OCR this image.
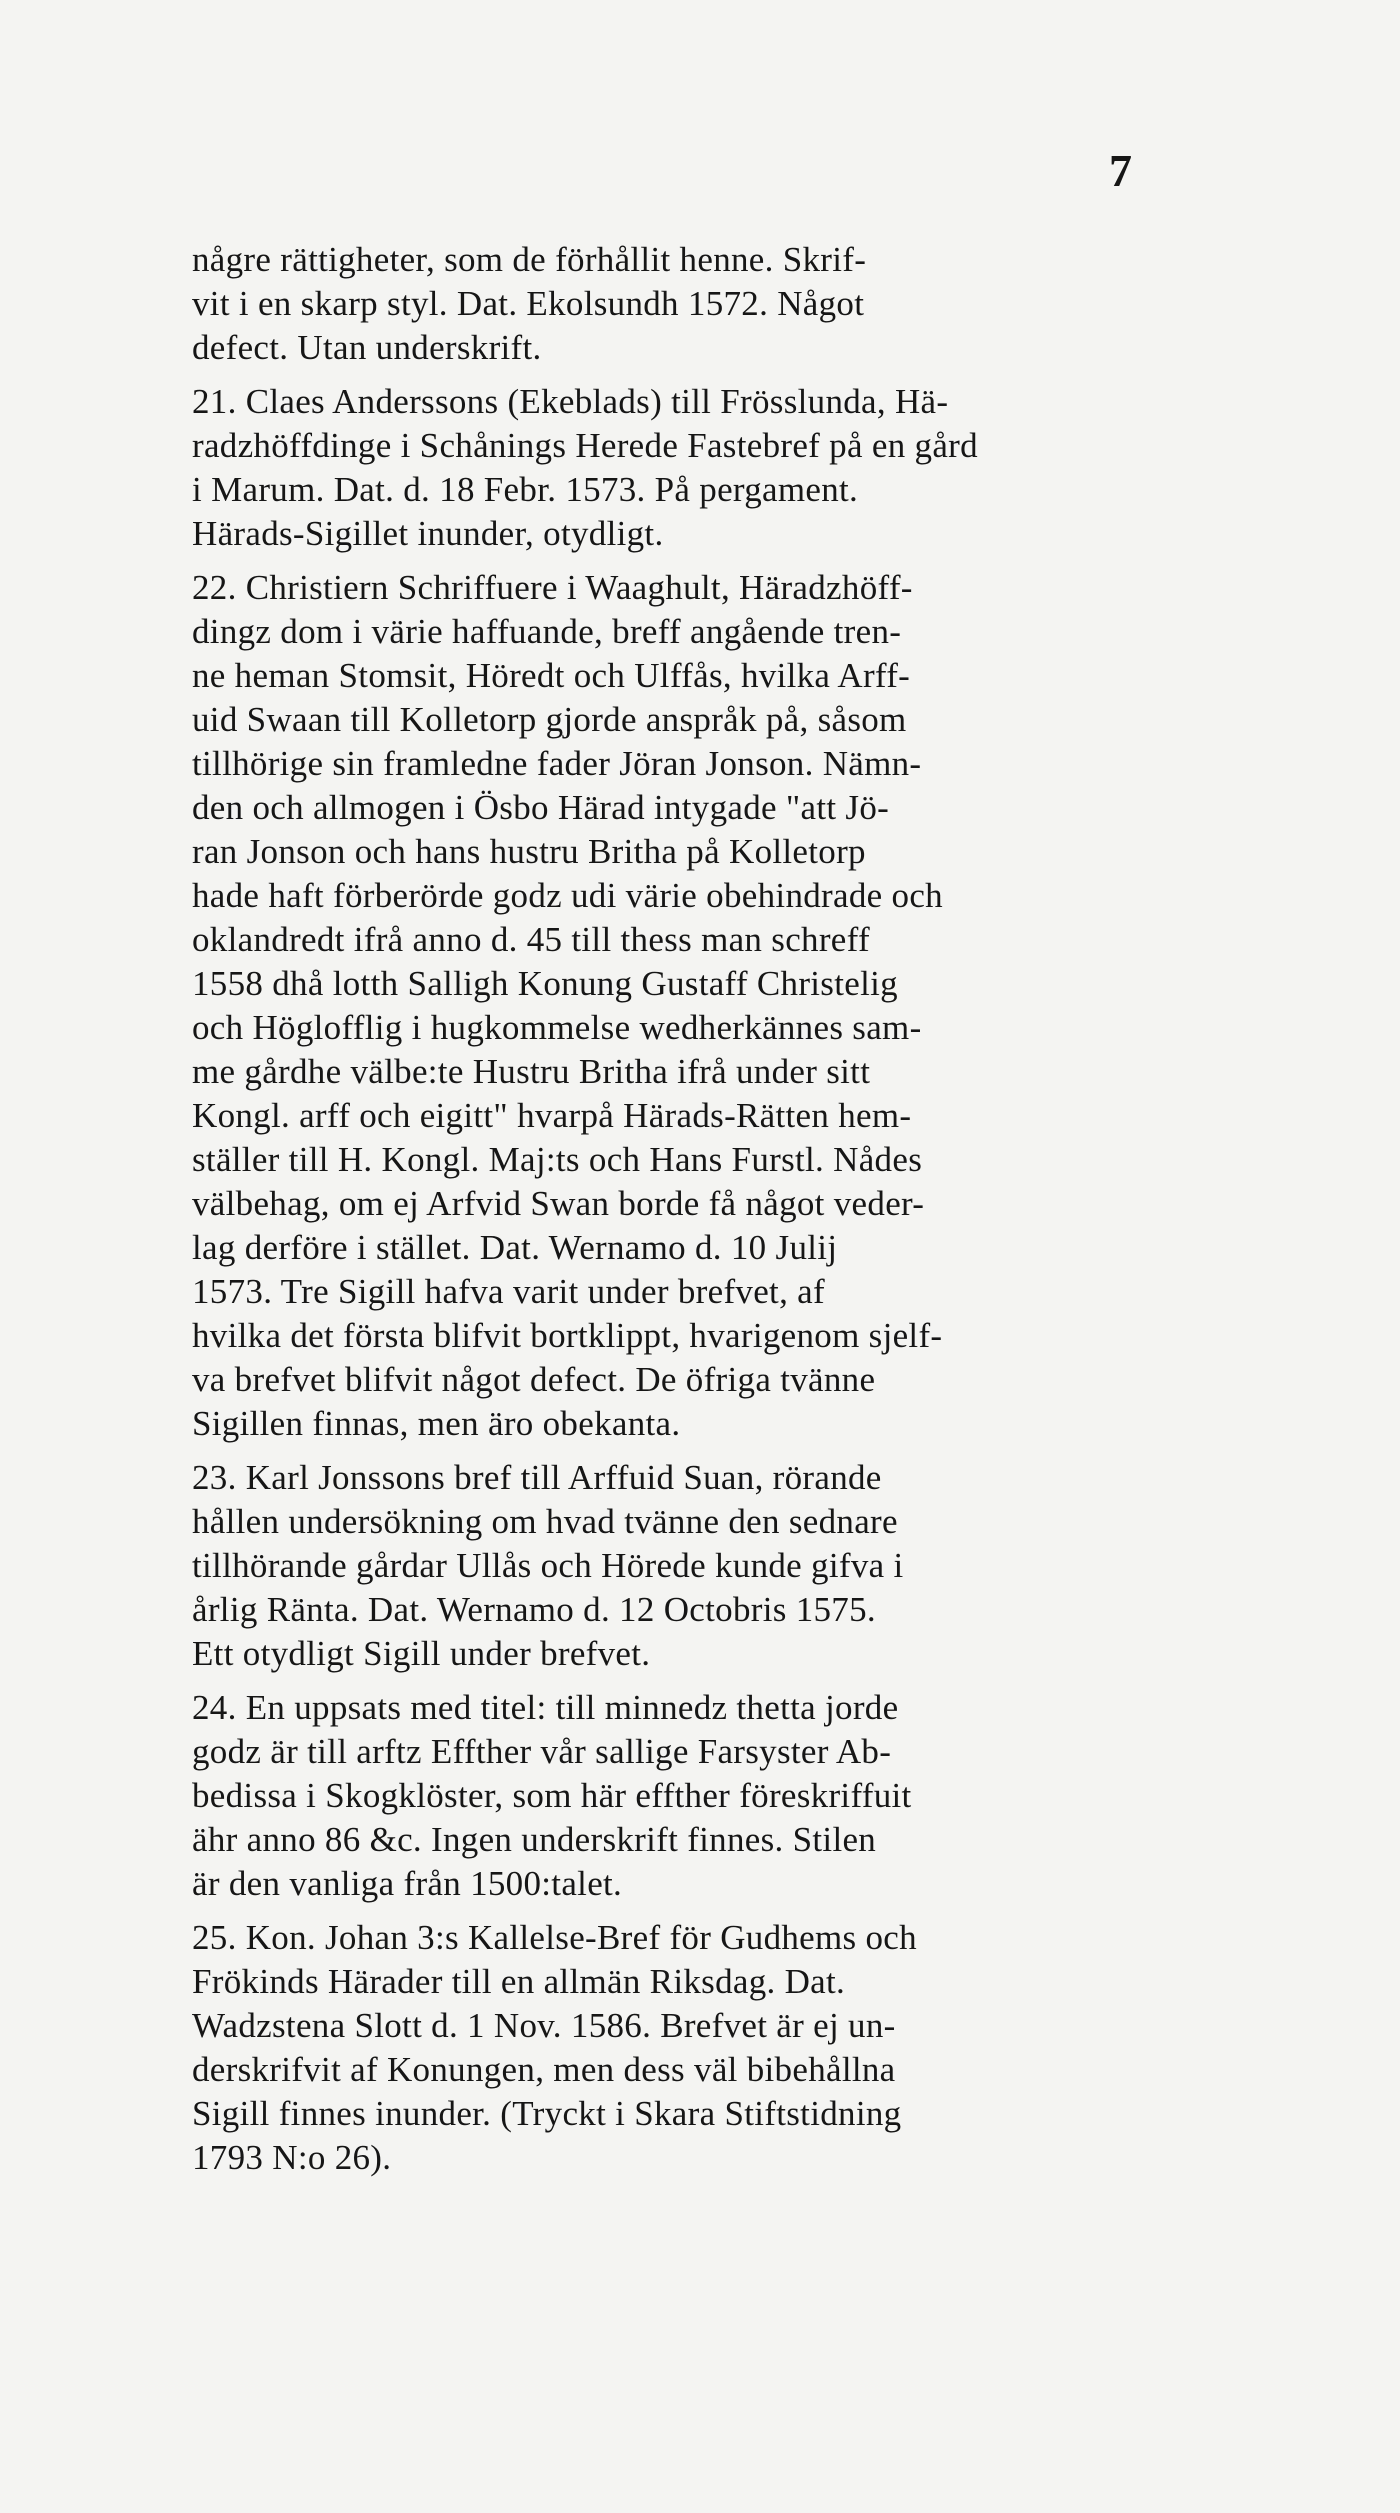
7
någre rättigheter, som de förhållit henne. Skrif-
vit i en skarp styl. Dat. Ekolsundh 1572. Något
defect. Utan underskrift.
21. Claes Anderssons (Ekeblads) till Frösslunda, Hä-
radzhöffdinge i Schånings Herede Fastebref på en gård
i Marum. Dat. d. 18 Febr. 1573. På pergament.
Härads-Sigillet inunder, otydligt.
22. Christiern Schriffuere i Waaghult, Häradzhöff-
dingz dom i värie haffuande, breff angående tren-
ne heman Stomsit, Höredt och Ulffås, hvilka Arff-
uid Swaan till Kolletorp gjorde anspråk på, såsom
tillhörige sin framledne fader Jöran Jonson. Nämn-
den och allmogen i Ösbo Härad intygade "att Jö-
ran Jonson och hans hustru Britha på Kolletorp
hade haft förberörde godz udi värie obehindrade och
oklandredt ifrå anno d. 45 till thess man schreff
1558 dhå lotth Salligh Konung Gustaff Christelig
och Höglofflig i hugkommelse wedherkännes sam-
me gårdhe välbe:te Hustru Britha ifrå under sitt
Kongl. arff och eigitt" hvarpå Härads-Rätten hem-
ställer till H. Kongl. Maj:ts och Hans Furstl. Nådes
välbehag, om ej Arfvid Swan borde få något veder-
lag derföre i stället. Dat. Wernamo d. 10 Julij
1573. Tre Sigill hafva varit under brefvet, af
hvilka det första blifvit bortklippt, hvarigenom sjelf-
va brefvet blifvit något defect. De öfriga tvänne
Sigillen finnas, men äro obekanta.
23. Karl Jonssons bref till Arffuid Suan, rörande
hållen undersökning om hvad tvänne den sednare
tillhörande gårdar Ullås och Hörede kunde gifva i
årlig Ränta. Dat. Wernamo d. 12 Octobris 1575.
Ett otydligt Sigill under brefvet.
24. En uppsats med titel: till minnedz thetta jorde
godz är till arftz Effther vår sallige Farsyster Ab-
bedissa i Skogklöster, som här effther föreskriffuit
ähr anno 86 &c. Ingen underskrift finnes. Stilen
är den vanliga från 1500:talet.
25. Kon. Johan 3:s Kallelse-Bref för Gudhems och
Frökinds Härader till en allmän Riksdag. Dat.
Wadzstena Slott d. 1 Nov. 1586. Brefvet är ej un-
derskrifvit af Konungen, men dess väl bibehållna
Sigill finnes inunder. (Tryckt i Skara Stiftstidning
1793 N:o 26).
